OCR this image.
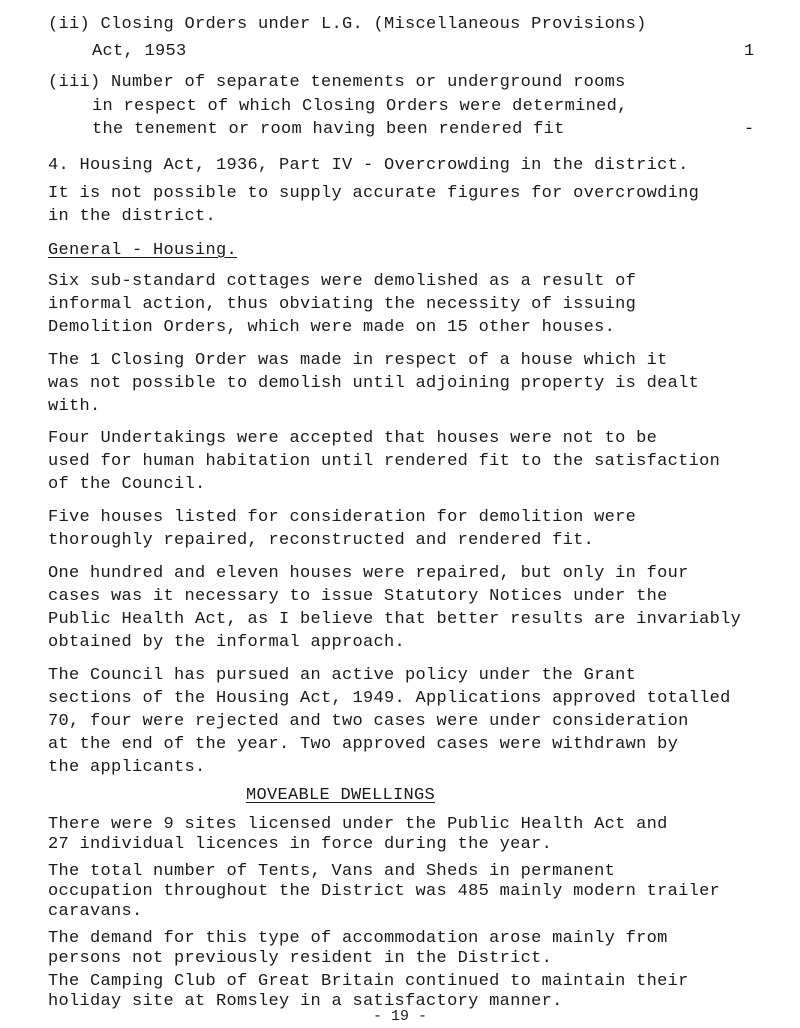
(ii) Closing Orders under L.G. (Miscellaneous Provisions)
Act, 1953	1
(iii) Number of separate tenements or underground rooms
in respect of which Closing Orders were determined,
the tenement or room having been rendered fit	-
4. Housing Act, 1936, Part IV - Overcrowding in the district.
It is not possible to supply accurate figures for overcrowding
in the district.
General - Housing.
Six sub-standard cottages were demolished as a result of
informal action, thus obviating the necessity of issuing
Demolition Orders, which were made on 15 other houses.
The 1 Closing Order was made in respect of a house which it
was not possible to demolish until adjoining property is dealt
with.
Four Undertakings were accepted that houses were not to be
used for human habitation until rendered fit to the satisfaction
of the Council.
Five houses listed for consideration for demolition were
thoroughly repaired, reconstructed and rendered fit.
One hundred and eleven houses were repaired, but only in four
cases was it necessary to issue Statutory Notices under the
Public Health Act, as I believe that better results are invariably
obtained by the informal approach.
The Council has pursued an active policy under the Grant
sections of the Housing Act, 1949. Applications approved totalled
70, four were rejected and two cases were under consideration
at the end of the year. Two approved cases were withdrawn by
the applicants.
MOVEABLE DWELLINGS
There were 9 sites licensed under the Public Health Act and
27 individual licences in force during the year.
The total number of Tents, Vans and Sheds in permanent
occupation throughout the District was 485 mainly modern trailer
caravans.
The demand for this type of accommodation arose mainly from
persons not previously resident in the District.
The Camping Club of Great Britain continued to maintain their
holiday site at Romsley in a satisfactory manner.
- 19 -
